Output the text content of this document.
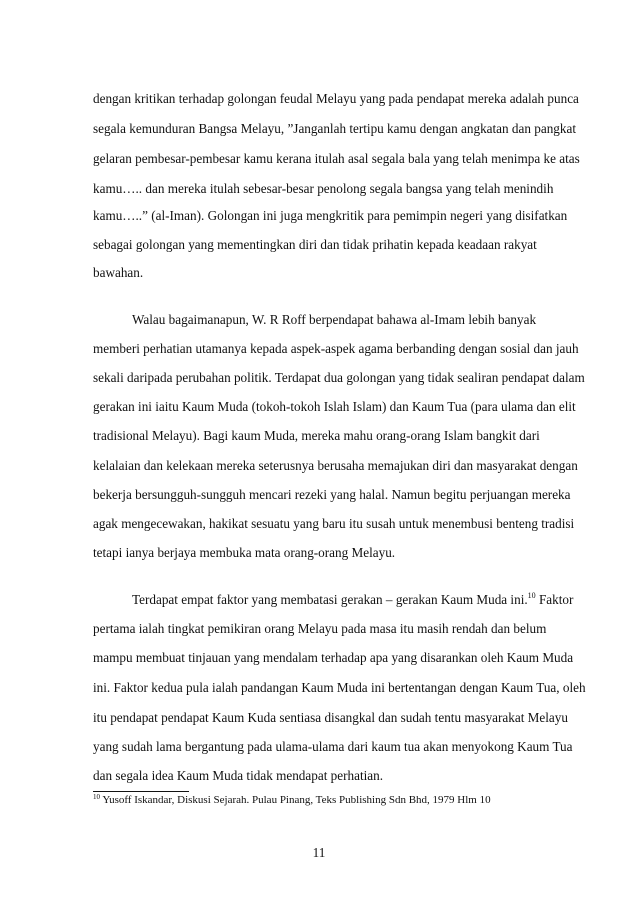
dengan kritikan terhadap golongan feudal Melayu yang pada pendapat mereka adalah punca
segala kemunduran Bangsa Melayu, ”Janganlah tertipu kamu dengan angkatan dan pangkat
gelaran pembesar-pembesar kamu kerana itulah asal segala bala yang telah menimpa ke atas
kamu….. dan mereka itulah sebesar-besar penolong segala bangsa yang telah menindih
kamu…..” (al-Iman). Golongan ini juga mengkritik para pemimpin negeri yang disifatkan
sebagai golongan yang mementingkan diri dan tidak prihatin kepada keadaan rakyat
bawahan.
Walau bagaimanapun, W. R Roff berpendapat bahawa al-Imam lebih banyak
memberi perhatian utamanya kepada aspek-aspek agama berbanding dengan sosial dan jauh
sekali daripada perubahan politik. Terdapat dua golongan yang tidak sealiran pendapat dalam
gerakan ini iaitu Kaum Muda (tokoh-tokoh Islah Islam) dan Kaum Tua (para ulama dan elit
tradisional Melayu). Bagi kaum Muda, mereka mahu orang-orang Islam bangkit dari
kelalaian dan kelekaan mereka seterusnya berusaha memajukan diri dan masyarakat dengan
bekerja bersungguh-sungguh mencari rezeki yang halal. Namun begitu perjuangan mereka
agak mengecewakan, hakikat sesuatu yang baru itu susah untuk menembusi benteng tradisi
tetapi ianya berjaya membuka mata orang-orang Melayu.
Terdapat empat faktor yang membatasi gerakan – gerakan Kaum Muda ini.$^{10}$ Faktor
pertama ialah tingkat pemikiran orang Melayu pada masa itu masih rendah dan belum
mampu membuat tinjauan yang mendalam terhadap apa yang disarankan oleh Kaum Muda
ini. Faktor kedua pula ialah pandangan Kaum Muda ini bertentangan dengan Kaum Tua, oleh
itu pendapat pendapat Kaum Kuda sentiasa disangkal dan sudah tentu masyarakat Melayu
yang sudah lama bergantung pada ulama-ulama dari kaum tua akan menyokong Kaum Tua
dan segala idea Kaum Muda tidak mendapat perhatian.
$^{10}$ Yusoff Iskandar, Diskusi Sejarah. Pulau Pinang, Teks Publishing Sdn Bhd, 1979 Hlm 10
11
